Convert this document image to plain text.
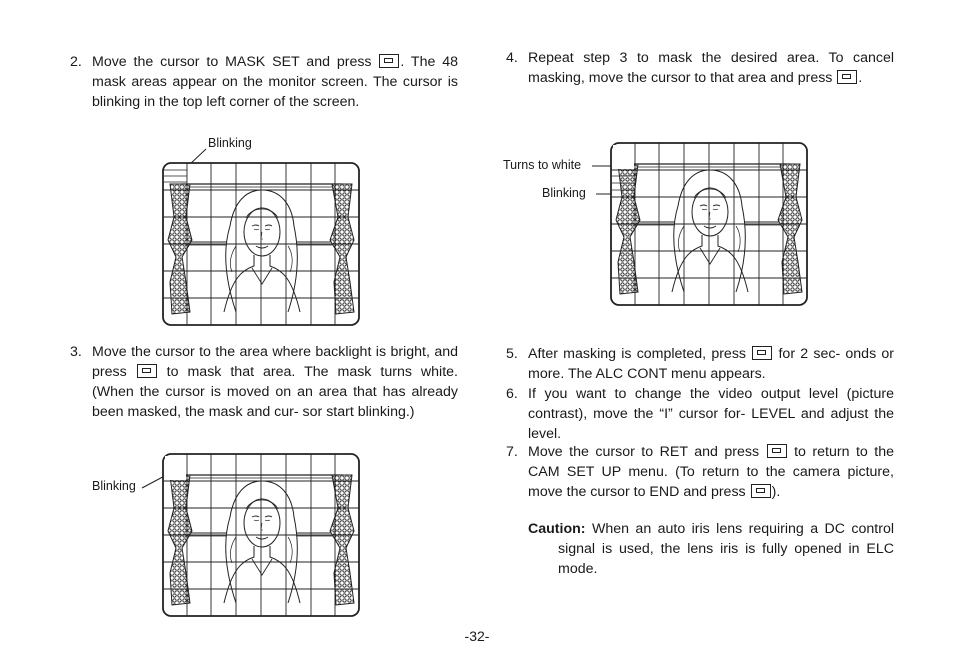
2. Move the cursor to MASK SET and press . The 48 mask areas appear on the monitor screen. The cursor is blinking in the top left corner of the screen.
Blinking
3. Move the cursor to the area where backlight is bright, and press	to mask that area. The mask turns white. (When the cursor is moved on an area that has already been masked, the mask and cur- sor start blinking.)
Blinking
4. Repeat step 3 to mask the desired area. To cancel masking, move the cursor to that area and press .
Turns to white
Blinking
5. After masking is completed, press for 2 sec- onds or more. The ALC CONT menu appears.
6. If you want to change the video output level (picture contrast), move the “I” cursor for- LEVEL and adjust the level.
7. Move the cursor to RET and press to return to the CAM SET UP menu. (To return to the camera picture, move the cursor to END and press ).
Caution: When an auto iris lens requiring a DC control signal is used, the lens iris is fully opened in ELC mode.
-32-
